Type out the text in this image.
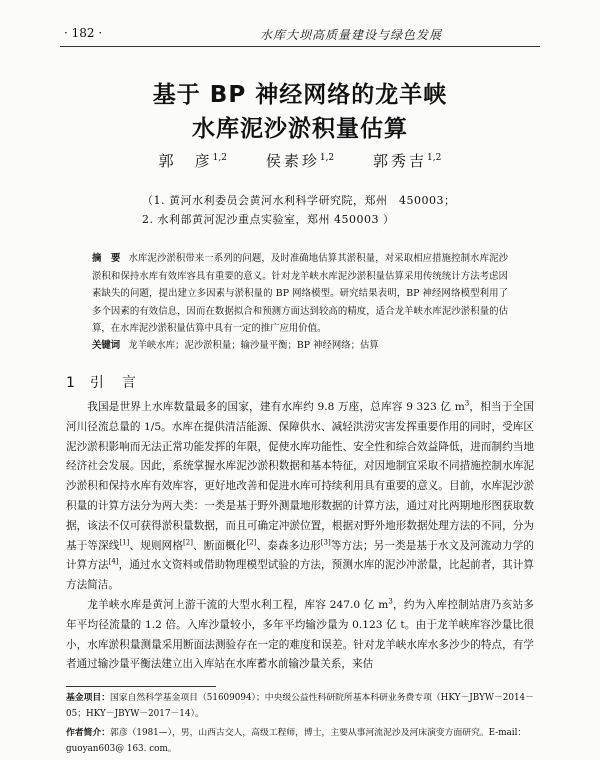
· 182 ·	水库大坝高质量建设与绿色发展
基于 BP 神经网络的龙羊峡
水库泥沙淤积量估算
郭　彦$^{1,2}$	侯素珍$^{1,2}$	郭秀吉$^{1,2}$
（1. 黄河水利委员会黄河水利科学研究院，郑州　450003；
2. 水利部黄河泥沙重点实验室，郑州 450003 ）
摘　要 水库泥沙淤积带来一系列的问题，及时准确地估算其淤积量，对采取相应措施控制水库泥沙淤积和保持水库有效库容具有重要的意义。针对龙羊峡水库泥沙淤积量估算采用传统统计方法考虑因素缺失的问题，提出建立多因素与淤积量的 BP 网络模型。研究结果表明，BP 神经网络模型利用了多个因素的有效信息，因而在数据拟合和预测方面达到较高的精度，适合龙羊峡水库泥沙淤积量的估算，在水库泥沙淤积量估算中具有一定的推广应用价值。
关键词 龙羊峡水库；泥沙淤积量；输沙量平衡；BP 神经网络；估算
1 引　言

我国是世界上水库数量最多的国家，建有水库约 9.8 万座，总库容 9 323 亿 $m^3$，相当于全国河川径流总量的 1/5。水库在提供清洁能源、保障供水、减轻洪涝灾害发挥重要作用的同时，受库区泥沙淤积影响而无法正常功能发挥的年限，促使水库功能性、安全性和综合效益降低，进而制约当地经济社会发展。因此，系统掌握水库泥沙淤积数据和基本特征，对因地制宜采取不同措施控制水库泥沙淤积和保持水库有效库容，更好地改善和促进水库可持续利用具有重要的意义。目前，水库泥沙淤积量的计算方法分为两大类：一类是基于野外测量地形数据的计算方法，通过对比两期地形图获取数据，该法不仅可获得淤积量数据，而且可确定冲淤位置，根据对野外地形数据处理方法的不同，分为基于等深线[1]、规则网格[2]、断面概化[2]、泰森多边形[3]等方法；另一类是基于水文及河流动力学的计算方法[4]，通过水文资料或借助物理模型试验的方法，预测水库的泥沙冲淤量，比起前者，其计算方法简洁。

龙羊峡水库是黄河上游干流的大型水利工程，库容 247.0 亿 $m^3$，约为入库控制站唐乃亥站多年平均径流量的 1.2 倍。入库沙量较小，多年平均输沙量为 0.123 亿 t。由于龙羊峡库容沙量比很小，水库淤积量测量采用断面法测验存在一定的难度和误差。针对龙羊峡水库水多沙少的特点，有学者通过输沙量平衡法建立出入库站在水库蓄水前输沙量关系，来估

基金项目：国家自然科学基金项目（51609094）；中央级公益性科研院所基本科研业务费专项（HKY－JBYW－2014－05；HKY－JBYW－2017－14）。
作者简介：郭彦（1981—），男，山西古交人，高级工程师，博士，主要从事河流泥沙及河床演变方面研究。E-mail：guoyan603@ 163. com。
